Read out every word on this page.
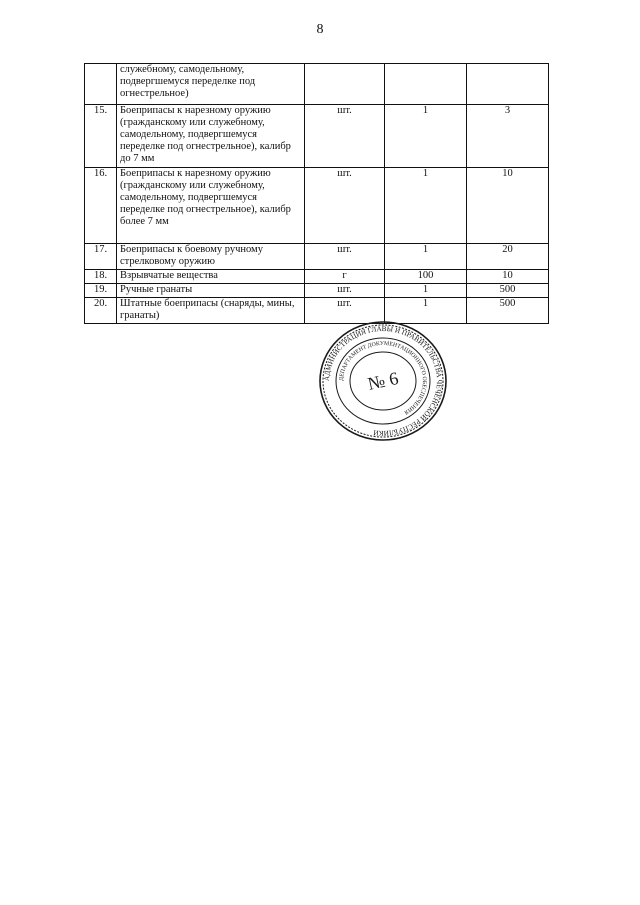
8
	служебному, самодельному, подвергшемуся переделке под огнестрельное)			
15.	Боеприпасы к нарезному оружию (гражданскому или служебному, самодельному, подвергшемуся переделке под огнестрельное), калибр до 7 мм	шт.	1	3
16.	Боеприпасы к нарезному оружию (гражданскому или служебному, самодельному, подвергшемуся переделке под огнестрельное), калибр более 7 мм	шт.	1	10
17.	Боеприпасы к боевому ручному стрелковому оружию	шт.	1	20
18.	Взрывчатые вещества	г	100	10
19.	Ручные гранаты	шт.	1	500
20.	Штатные боеприпасы (снаряды, мины, гранаты)	шт.	1	500
АДМИНИСТРАЦИЯ ГЛАВЫ И ПРАВИТЕЛЬСТВА ЧЕЧЕНСКОЙ РЕСПУБЛИКИ
ДЕПАРТАМЕНТ ДОКУМЕНТАЦИОННОГО ОБЕСПЕЧЕНИЯ
№ 6
